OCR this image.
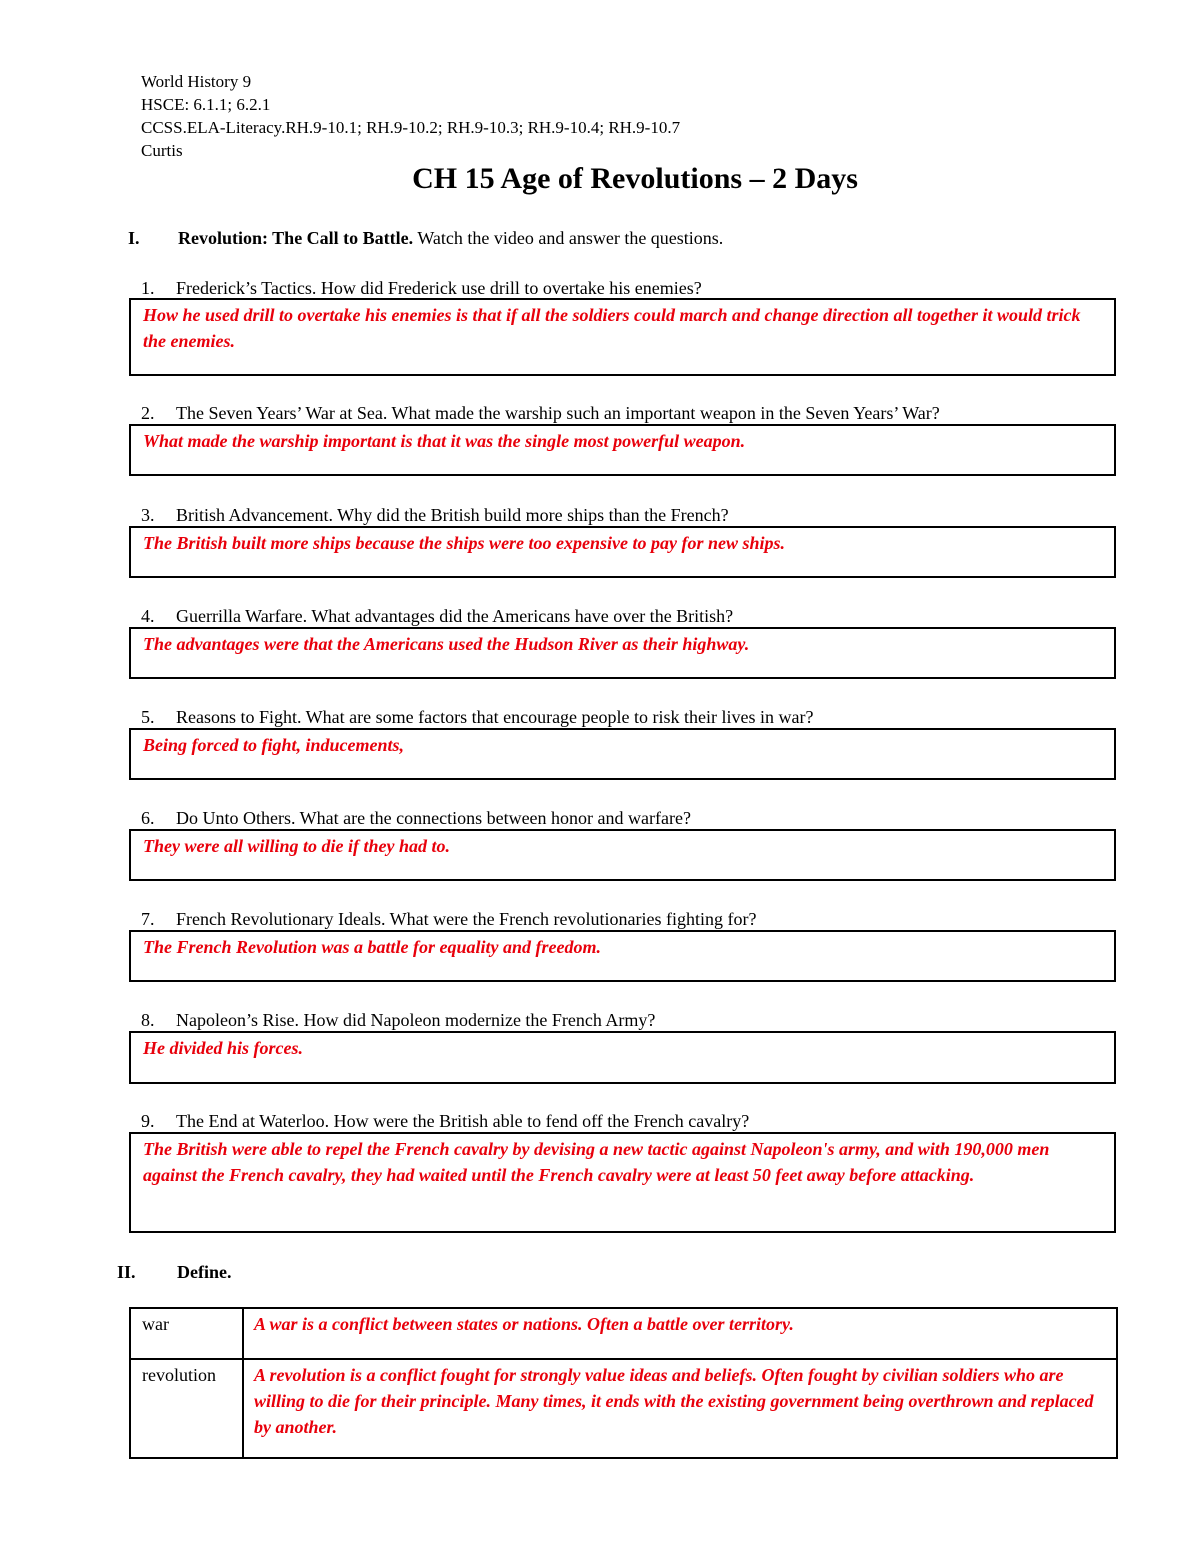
World History 9
HSCE: 6.1.1; 6.2.1
CCSS.ELA-Literacy.RH.9-10.1; RH.9-10.2; RH.9-10.3; RH.9-10.4; RH.9-10.7
Curtis
CH 15 Age of Revolutions – 2 Days
I. Revolution: The Call to Battle. Watch the video and answer the questions.
1. Frederick’s Tactics. How did Frederick use drill to overtake his enemies?
How he used drill to overtake his enemies is that if all the soldiers could march and change direction all together it would trick the enemies.
2. The Seven Years’ War at Sea. What made the warship such an important weapon in the Seven Years’ War?
What made the warship important is that it was the single most powerful weapon.
3. British Advancement. Why did the British build more ships than the French?
The British built more ships because the ships were too expensive to pay for new ships.
4. Guerrilla Warfare. What advantages did the Americans have over the British?
The advantages were that the Americans used the Hudson River as their highway.
5. Reasons to Fight. What are some factors that encourage people to risk their lives in war?
Being forced to fight, inducements,
6. Do Unto Others. What are the connections between honor and warfare?
They were all willing to die if they had to.
7. French Revolutionary Ideals. What were the French revolutionaries fighting for?
The French Revolution was a battle for equality and freedom.
8. Napoleon’s Rise. How did Napoleon modernize the French Army?
He divided his forces.
9. The End at Waterloo. How were the British able to fend off the French cavalry?
The British were able to repel the French cavalry by devising a new tactic against Napoleon's army, and with 190,000 men against the French cavalry, they had waited until the French cavalry were at least 50 feet away before attacking.
II. Define.
war	A war is a conflict between states or nations. Often a battle over territory.
revolution	A revolution is a conflict fought for strongly value ideas and beliefs. Often fought by civilian soldiers who are willing to die for their principle. Many times, it ends with the existing government being overthrown and replaced by another.
